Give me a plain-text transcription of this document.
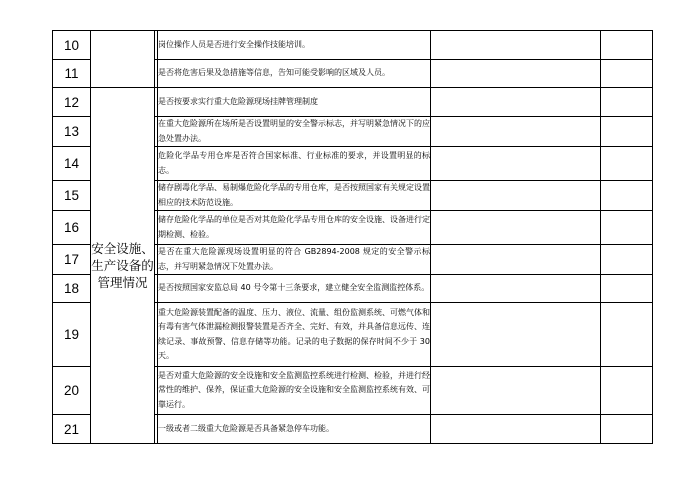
10			岗位操作人员是否进行安全操作技能培训。		
11			是否将危害后果及急措施等信息，告知可能受影响的区域及人员。		
12	安全设施、生产设备的管理情况		是否按要求实行重大危险源现场挂牌管理制度		
13			在重大危险源所在场所是否设置明显的安全警示标志，并写明紧急情况下的应急处置办法。		
14			危险化学品专用仓库是否符合国家标准、行业标准的要求，并设置明显的标志。		
15			储存剧毒化学品、易制爆危险化学品的专用仓库，是否按照国家有关规定设置相应的技术防范设施。		
16			储存危险化学品的单位是否对其危险化学品专用仓库的安全设施、设备进行定期检测、检验。		
17			是否在重大危险源现场设置明显的符合 GB2894-2008 规定的安全警示标志，并写明紧急情况下处置办法。		
18			是否按照国家安监总局 40 号令第十三条要求，建立健全安全监测监控体系。		
19			重大危险源装置配备的温度、压力、液位、流量、组份监测系统、可燃气体和有毒有害气体泄漏检测报警装置是否齐全、完好、有效，并具备信息远传、连续记录、事故预警、信息存储等功能。记录的电子数据的保存时间不少于 30 天。		
20			是否对重大危险源的安全设施和安全监测监控系统进行检测、检验，并进行经常性的维护、保养，保证重大危险源的安全设施和安全监测监控系统有效、可靠运行。		
21			一级或者二级重大危险源是否具备紧急停车功能。		
